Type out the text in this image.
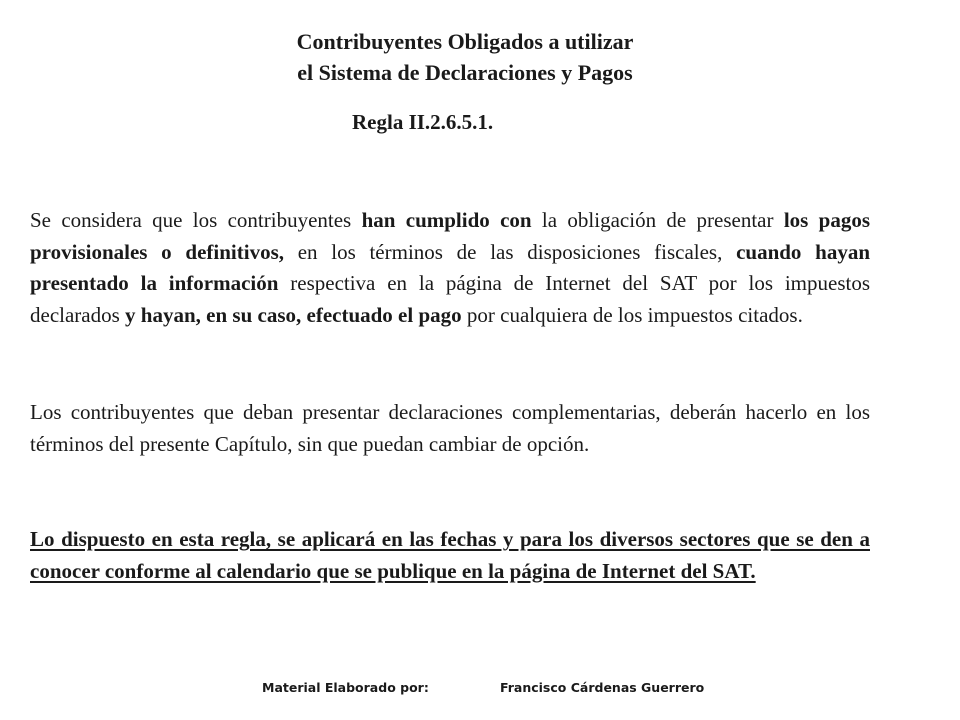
Contribuyentes Obligados a utilizar
el Sistema de Declaraciones y Pagos
Regla II.2.6.5.1.

Se considera que los contribuyentes han cumplido con la obligación de presentar los pagos provisionales o definitivos, en los términos de las disposiciones fiscales, cuando hayan presentado la información respectiva en la página de Internet del SAT por los impuestos declarados y hayan, en su caso, efectuado el pago por cualquiera de los impuestos citados.

Los contribuyentes que deban presentar declaraciones complementarias, deberán hacerlo en los términos del presente Capítulo, sin que puedan cambiar de opción.

Lo dispuesto en esta regla, se aplicará en las fechas y para los diversos sectores que se den a conocer conforme al calendario que se publique en la página de Internet del SAT.

Material Elaborado por:	Francisco Cárdenas Guerrero
